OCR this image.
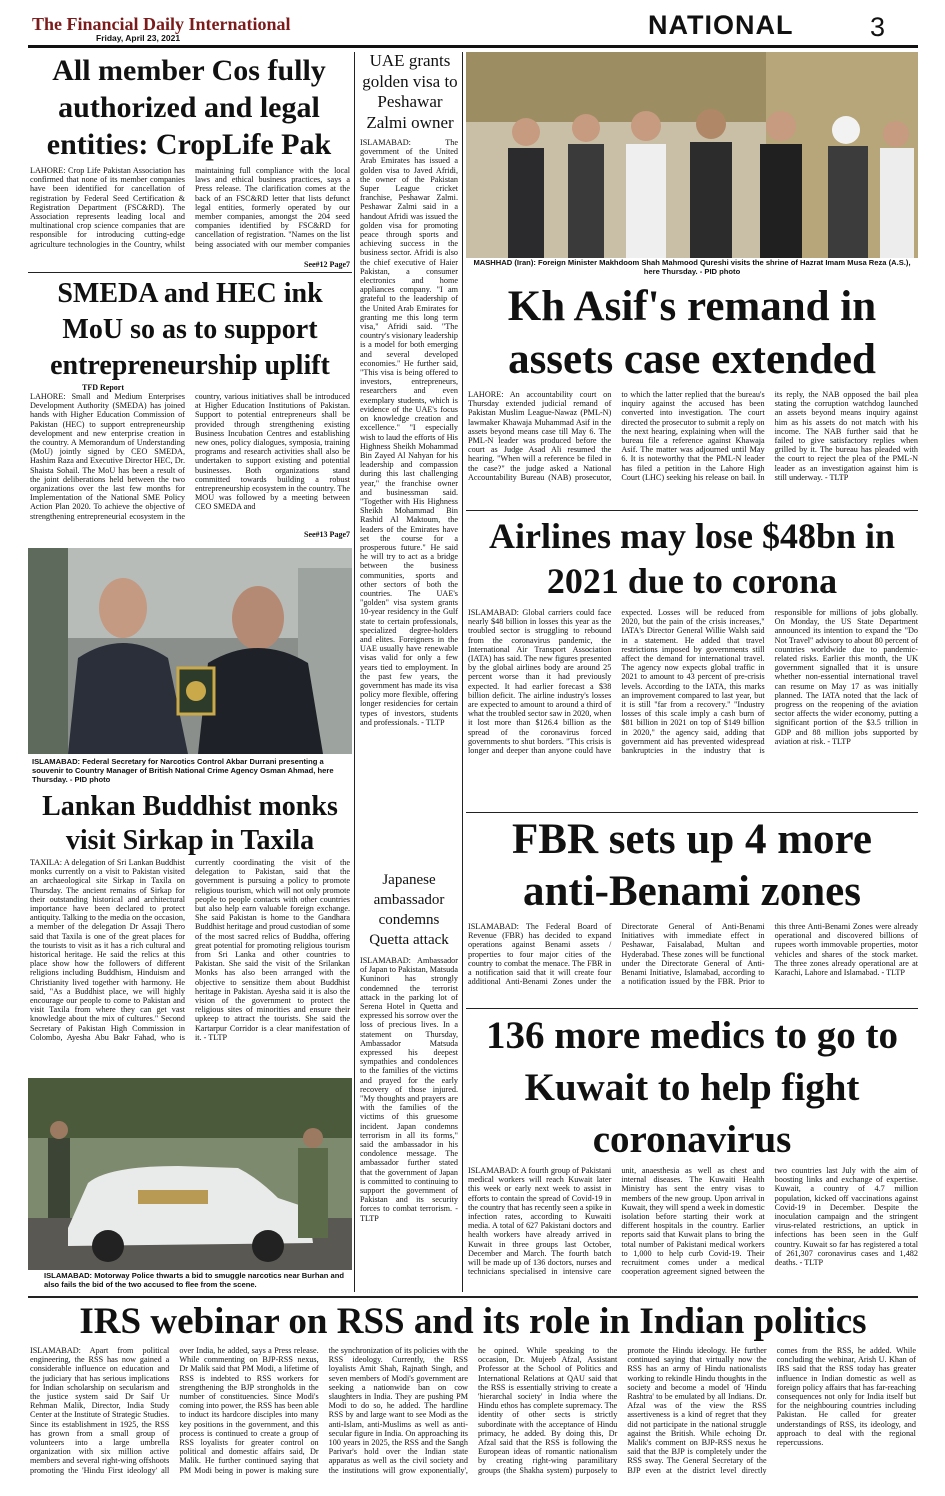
The Financial Daily International
Friday, April 23, 2021	NATIONAL	3
All member Cos fully authorized and legal entities: CropLife Pak
LAHORE: Crop Life Pakistan Association has confirmed that none of its member companies have been identified for cancellation of registration by Federal Seed Certification & Registration Department (FSC&RD). The Association represents leading local and multinational crop science companies that are responsible for introducing cutting-edge agriculture technologies in the Country, whilst maintaining full compliance with the local laws and ethical business practices, says a Press release. The clarification comes at the back of an FSC&RD letter that lists defunct legal entities, formerly operated by our member companies, amongst the 204 seed companies identified by FSC&RD for cancellation of registration. "Names on the list being associated with our member companies
See#12 Page7
SMEDA and HEC ink MoU so as to support entrepreneurship uplift
TFD Report
LAHORE: Small and Medium Enterprises Development Authority (SMEDA) has joined hands with Higher Education Commission of Pakistan (HEC) to support entrepreneurship development and new enterprise creation in the country. A Memorandum of Understanding (MoU) jointly signed by CEO SMEDA, Hashim Raza and Executive Director HEC, Dr. Shaista Sohail. The MoU has been a result of the joint deliberations held between the two organizations over the last few months for Implementation of the National SME Policy Action Plan 2020. To achieve the objective of strengthening entrepreneurial ecosystem in the country, various initiatives shall be introduced at Higher Education Institutions of Pakistan. Support to potential entrepreneurs shall be provided through strengthening existing Business Incubation Centres and establishing new ones, policy dialogues, symposia, training programs and research activities shall also be undertaken to support existing and potential businesses. Both organizations stand committed towards building a robust entrepreneurship ecosystem in the country. The MOU was followed by a meeting between CEO SMEDA and
See#13 Page7
ISLAMABAD: Federal Secretary for Narcotics Control Akbar Durrani presenting a souvenir to Country Manager of British National Crime Agency Osman Ahmad, here Thursday. - PID photo
Lankan Buddhist monks visit Sirkap in Taxila
TAXILA: A delegation of Sri Lankan Buddhist monks currently on a visit to Pakistan visited an archaeological site Sirkap in Taxila on Thursday. The ancient remains of Sirkap for their outstanding historical and architectural importance have been declared to protect antiquity. Talking to the media on the occasion, a member of the delegation Dr Assaji Thero said that Taxila is one of the great places for the tourists to visit as it has a rich cultural and historical heritage. He said the relics at this place show how the followers of different religions including Buddhism, Hinduism and Christianity lived together with harmony. He said, "As a Buddhist place, we will highly encourage our people to come to Pakistan and visit Taxila from where they can get vast knowledge about the mix of cultures." Second Secretary of Pakistan High Commission in Colombo, Ayesha Abu Bakr Fahad, who is currently coordinating the visit of the delegation to Pakistan, said that the government is pursuing a policy to promote religious tourism, which will not only promote people to people contacts with other countries but also help earn valuable foreign exchange. She said Pakistan is home to the Gandhara Buddhist heritage and proud custodian of some of the most sacred relics of Buddha, offering great potential for promoting religious tourism from Sri Lanka and other countries to Pakistan. She said the visit of the Srilankan Monks has also been arranged with the objective to sensitize them about Buddhist heritage in Pakistan. Ayesha said it is also the vision of the government to protect the religious sites of minorities and ensure their upkeep to attract the tourists. She said the Kartarpur Corridor is a clear manifestation of it. - TLTP
ISLAMABAD: Motorway Police thwarts a bid to smuggle narcotics near Burhan and also fails the bid of the two accused to flee from the scene.
UAE grants golden visa to Peshawar Zalmi owner
ISLAMABAD: The government of the United Arab Emirates has issued a golden visa to Javed Afridi, the owner of the Pakistan Super League cricket franchise, Peshawar Zalmi. Peshawar Zalmi said in a handout Afridi was issued the golden visa for promoting peace through sports and achieving success in the business sector. Afridi is also the chief executive of Haier Pakistan, a consumer electronics and home appliances company. "I am grateful to the leadership of the United Arab Emirates for granting me this long term visa," Afridi said. "The country's visionary leadership is a model for both emerging and several developed economies." He further said, "This visa is being offered to investors, entrepreneurs, researchers and even exemplary students, which is evidence of the UAE's focus on knowledge creation and excellence." "I especially wish to laud the efforts of His Highness Sheikh Mohammad Bin Zayed Al Nahyan for his leadership and compassion during this last challenging year," the franchise owner and businessman said. "Together with His Highness Sheikh Mohammad Bin Rashid Al Maktoum, the leaders of the Emirates have set the course for a prosperous future." He said he will try to act as a bridge between the business communities, sports and other sectors of both the countries. The UAE's "golden" visa system grants 10-year residency in the Gulf state to certain professionals, specialized degree-holders and elites. Foreigners in the UAE usually have renewable visas valid for only a few years tied to employment. In the past few years, the government has made its visa policy more flexible, offering longer residencies for certain types of investors, students and professionals. - TLTP
Japanese ambassador condemns Quetta attack
ISLAMABAD: Ambassador of Japan to Pakistan, Matsuda Kuninori has strongly condemned the terrorist attack in the parking lot of Serena Hotel in Quetta and expressed his sorrow over the loss of precious lives. In a statement on Thursday, Ambassador Matsuda expressed his deepest sympathies and condolences to the families of the victims and prayed for the early recovery of those injured. "My thoughts and prayers are with the families of the victims of this gruesome incident. Japan condemns terrorism in all its forms," said the ambassador in his condolence message. The ambassador further stated that the government of Japan is committed to continuing to support the government of Pakistan and its security forces to combat terrorism. - TLTP
MASHHAD (Iran): Foreign Minister Makhdoom Shah Mahmood Qureshi visits the shrine of Hazrat Imam Musa Reza (A.S.), here Thursday. - PID photo
Kh Asif's remand in assets case extended
LAHORE: An accountability court on Thursday extended judicial remand of Pakistan Muslim League-Nawaz (PML-N) lawmaker Khawaja Muhammad Asif in the assets beyond means case till May 6. The PML-N leader was produced before the court as Judge Asad Ali resumed the hearing. "When will a reference be filed in the case?" the judge asked a National Accountability Bureau (NAB) prosecutor, to which the latter replied that the bureau's inquiry against the accused has been converted into investigation. The court directed the prosecutor to submit a reply on the next hearing, explaining when will the bureau file a reference against Khawaja Asif. The matter was adjourned until May 6. It is noteworthy that the PML-N leader has filed a petition in the Lahore High Court (LHC) seeking his release on bail. In its reply, the NAB opposed the bail plea stating the corruption watchdog launched an assets beyond means inquiry against him as his assets do not match with his income. The NAB further said that he failed to give satisfactory replies when grilled by it. The bureau has pleaded with the court to reject the plea of the PML-N leader as an investigation against him is still underway. - TLTP
Airlines may lose $48bn in 2021 due to corona
ISLAMABAD: Global carriers could face nearly $48 billion in losses this year as the troubled sector is struggling to rebound from the coronavirus pandemic, the International Air Transport Association (IATA) has said. The new figures presented by the global airlines body are around 25 percent worse than it had previously expected. It had earlier forecast a $38 billion deficit. The airline industry's losses are expected to amount to around a third of what the troubled sector saw in 2020, when it lost more than $126.4 billion as the spread of the coronavirus forced governments to shut borders. "This crisis is longer and deeper than anyone could have expected. Losses will be reduced from 2020, but the pain of the crisis increases," IATA's Director General Willie Walsh said in a statement. He added that travel restrictions imposed by governments still affect the demand for international travel. The agency now expects global traffic in 2021 to amount to 43 percent of pre-crisis levels. According to the IATA, this marks an improvement compared to last year, but it is still "far from a recovery." "Industry losses of this scale imply a cash burn of $81 billion in 2021 on top of $149 billion in 2020," the agency said, adding that government aid has prevented widespread bankruptcies in the industry that is responsible for millions of jobs globally. On Monday, the US State Department announced its intention to expand the "Do Not Travel" advisory to about 80 percent of countries worldwide due to pandemic-related risks. Earlier this month, the UK government signalled that it is unsure whether non-essential international travel can resume on May 17 as was initially planned. The IATA noted that the lack of progress on the reopening of the aviation sector affects the wider economy, putting a significant portion of the $3.5 trillion in GDP and 88 million jobs supported by aviation at risk. - TLTP
FBR sets up 4 more anti-Benami zones
ISLAMABAD: The Federal Board of Revenue (FBR) has decided to expand operations against Benami assets / properties to four major cities of the country to combat the menace. The FBR in a notification said that it will create four additional Anti-Benami Zones under the Directorate General of Anti-Benami Initiatives with immediate effect in Peshawar, Faisalabad, Multan and Hyderabad. These zones will be functional under the Directorate General of Anti-Benami Initiative, Islamabad, according to a notification issued by the FBR. Prior to this three Anti-Benami Zones were already operational and discovered billions of rupees worth immovable properties, motor vehicles and shares of the stock market. The three zones already operational are at Karachi, Lahore and Islamabad. - TLTP
136 more medics to go to Kuwait to help fight coronavirus
ISLAMABAD: A fourth group of Pakistani medical workers will reach Kuwait later this week or early next week to assist in efforts to contain the spread of Covid-19 in the country that has recently seen a spike in infection rates, according to Kuwaiti media. A total of 627 Pakistani doctors and health workers have already arrived in Kuwait in three groups last October, December and March. The fourth batch will be made up of 136 doctors, nurses and technicians specialised in intensive care unit, anaesthesia as well as chest and internal diseases. The Kuwaiti Health Ministry has sent the entry visas to members of the new group. Upon arrival in Kuwait, they will spend a week in domestic isolation before starting their work at different hospitals in the country. Earlier reports said that Kuwait plans to bring the total number of Pakistani medical workers to 1,000 to help curb Covid-19. Their recruitment comes under a medical cooperation agreement signed between the two countries last July with the aim of boosting links and exchange of expertise. Kuwait, a country of 4.7 million population, kicked off vaccinations against Covid-19 in December. Despite the inoculation campaign and the stringent virus-related restrictions, an uptick in infections has been seen in the Gulf country. Kuwait so far has registered a total of 261,307 coronavirus cases and 1,482 deaths. - TLTP
IRS webinar on RSS and its role in Indian politics
ISLAMABAD: Apart from political engineering, the RSS has now gained a considerable influence on education and the judiciary that has serious implications for Indian scholarship on secularism and the justice system said Dr Saif Ur Rehman Malik, Director, India Study Center at the Institute of Strategic Studies. Since its establishment in 1925, the RSS has grown from a small group of volunteers into a large umbrella organization with six million active members and several right-wing offshoots promoting the 'Hindu First ideology' all over India, he added, says a Press release. While commenting on BJP-RSS nexus, Dr Malik said that PM Modi, a lifetime of RSS is indebted to RSS workers for strengthening the BJP strongholds in the number of constituencies. Since Modi's coming into power, the RSS has been able to induct its hardcore disciples into many key positions in the government, and this process is continued to create a group of RSS loyalists for greater control on political and domestic affairs said, Dr Malik. He further continued saying that PM Modi being in power is making sure the synchronization of its policies with the RSS ideology. Currently, the RSS loyalists Amit Shah, Rajnath Singh, and seven members of Modi's government are seeking a nationwide ban on cow slaughters in India. They are pushing PM Modi to do so, he added. The hardline RSS by and large want to see Modi as the anti-Islam, anti-Muslims as well as anti-secular figure in India. On approaching its 100 years in 2025, the RSS and the Sangh Parivar's hold over the Indian state apparatus as well as the civil society and the institutions will grow exponentially', he opined. While speaking to the occasion, Dr. Mujeeb Afzal, Assistant Professor at the School of Politics and International Relations at QAU said that the RSS is essentially striving to create a 'hierarchal society' in India where the Hindu ethos has complete supremacy. The identity of other sects is strictly subordinate with the acceptance of Hindu primacy, he added. By doing this, Dr Afzal said that the RSS is following the European ideas of romantic nationalism by creating right-wing paramilitary groups (the Shakha system) purposely to promote the Hindu ideology. He further continued saying that virtually now the RSS has an army of Hindu nationalists working to rekindle Hindu thoughts in the society and become a model of 'Hindu Rashtra' to be emulated by all Indians. Dr. Afzal was of the view the RSS assertiveness is a kind of regret that they did not participate in the national struggle against the British. While echoing Dr. Malik's comment on BJP-RSS nexus he said that the BJP is completely under the RSS sway. The General Secretary of the BJP even at the district level directly comes from the RSS, he added. While concluding the webinar, Arish U. Khan of IRS said that the RSS today has greater influence in Indian domestic as well as foreign policy affairs that has far-reaching consequences not only for India itself but for the neighbouring countries including Pakistan. He called for greater understandings of RSS, its ideology, and approach to deal with the regional repercussions.
